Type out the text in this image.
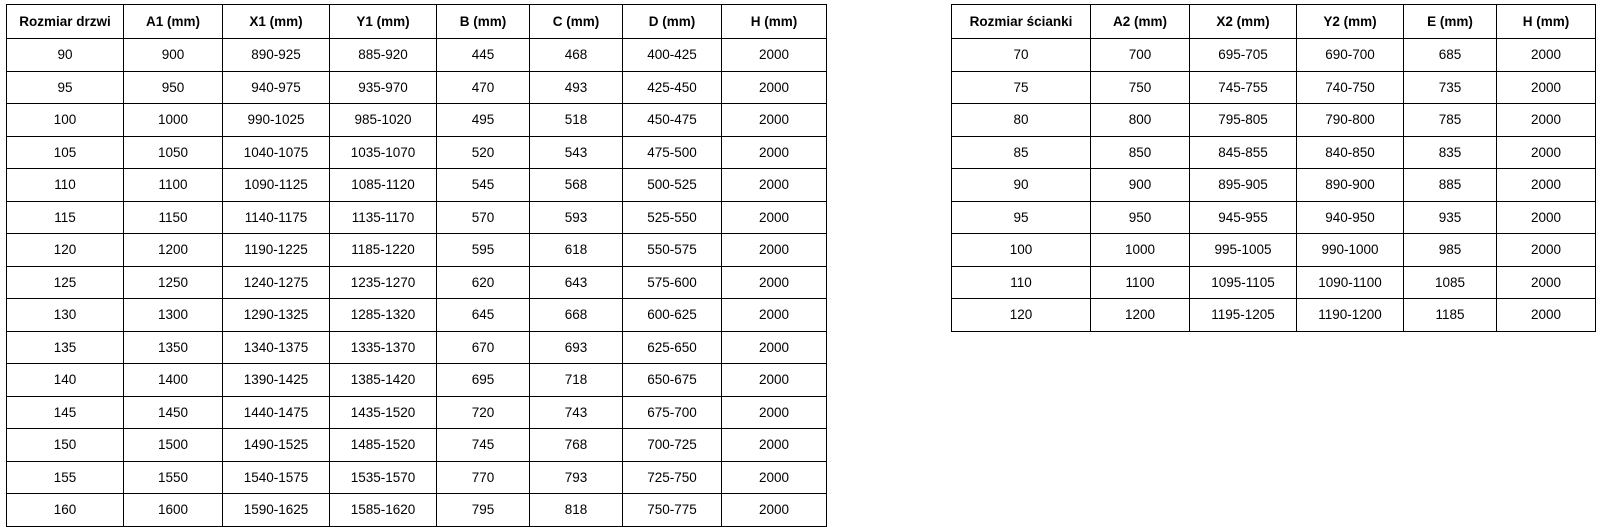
Rozmiar drzwi	A1 (mm)	X1 (mm)	Y1 (mm)	B (mm)	C (mm)	D (mm)	H (mm)
90	900	890-925	885-920	445	468	400-425	2000
95	950	940-975	935-970	470	493	425-450	2000
100	1000	990-1025	985-1020	495	518	450-475	2000
105	1050	1040-1075	1035-1070	520	543	475-500	2000
110	1100	1090-1125	1085-1120	545	568	500-525	2000
115	1150	1140-1175	1135-1170	570	593	525-550	2000
120	1200	1190-1225	1185-1220	595	618	550-575	2000
125	1250	1240-1275	1235-1270	620	643	575-600	2000
130	1300	1290-1325	1285-1320	645	668	600-625	2000
135	1350	1340-1375	1335-1370	670	693	625-650	2000
140	1400	1390-1425	1385-1420	695	718	650-675	2000
145	1450	1440-1475	1435-1520	720	743	675-700	2000
150	1500	1490-1525	1485-1520	745	768	700-725	2000
155	1550	1540-1575	1535-1570	770	793	725-750	2000
160	1600	1590-1625	1585-1620	795	818	750-775	2000
Rozmiar ścianki	A2 (mm)	X2 (mm)	Y2 (mm)	E (mm)	H (mm)
70	700	695-705	690-700	685	2000
75	750	745-755	740-750	735	2000
80	800	795-805	790-800	785	2000
85	850	845-855	840-850	835	2000
90	900	895-905	890-900	885	2000
95	950	945-955	940-950	935	2000
100	1000	995-1005	990-1000	985	2000
110	1100	1095-1105	1090-1100	1085	2000
120	1200	1195-1205	1190-1200	1185	2000
